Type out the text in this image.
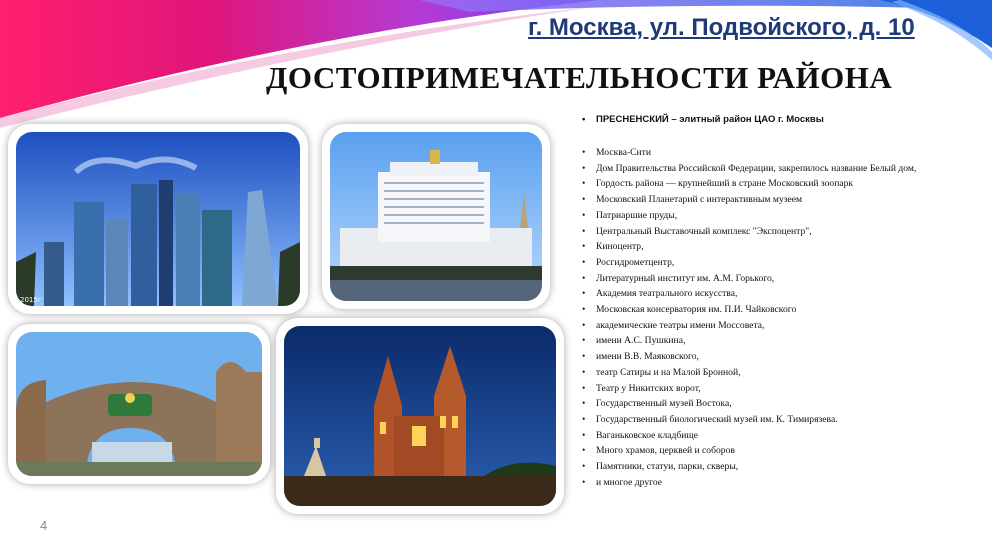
г. Москва, ул. Подвойского, д. 10
ДОСТОПРИМЕЧАТЕЛЬНОСТИ РАЙОНА
2015г
• ПРЕСНЕНСКИЙ – элитный район ЦАО г. Москвы
• Москва-Сити
• Дом Правительства Российской Федерации, закрепилось название Белый дом,
• Гордость района — крупнейший в стране Московский зоопарк
• Московский Планетарий с интерактивным музеем
• Патриаршие пруды,
• Центральный Выставочный комплекс "Экспоцентр",
• Киноцентр,
• Росгидрометцентр,
• Литературный институт им. А.М. Горького,
• Академия театрального искусства,
• Московская консерватория им. П.И. Чайковского
• академические театры имени Моссовета,
• имени А.С. Пушкина,
• имени В.В. Маяковского,
• театр Сатиры и на Малой Бронной,
• Театр у Никитских ворот,
• Государственный музей Востока,
• Государственный биологический музей им. К. Тимирязева.
• Ваганьковское кладбище
• Много храмов, церквей и соборов
• Памятники, статуи, парки, скверы,
• и многое другое
4
